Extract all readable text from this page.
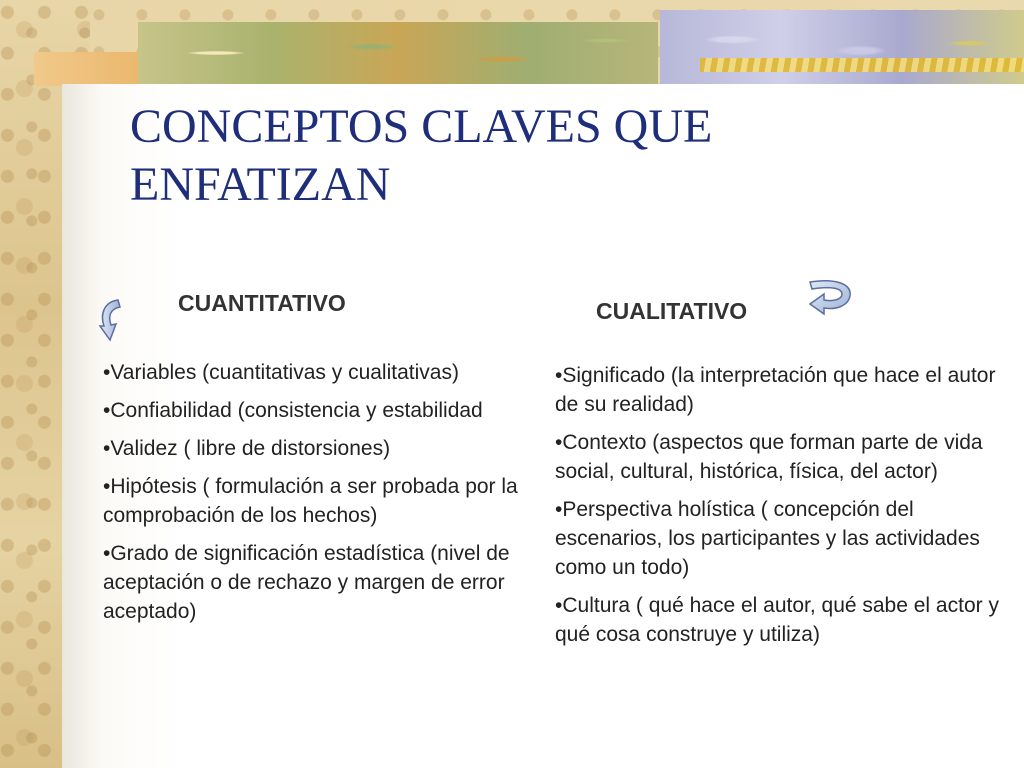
CONCEPTOS CLAVES QUE ENFATIZAN
CUANTITATIVO	CUALITATIVO
•Variables (cuantitativas y cualitativas)
•Confiabilidad (consistencia y estabilidad
•Validez ( libre de distorsiones)
•Hipótesis ( formulación a ser probada por la comprobación de los hechos)
•Grado de significación estadística (nivel de aceptación o de rechazo y margen de error aceptado)
•Significado (la interpretación que hace el autor de su realidad)
•Contexto (aspectos que forman parte de vida social, cultural, histórica, física, del actor)
•Perspectiva holística ( concepción del escenarios, los participantes y las actividades como un todo)
•Cultura ( qué hace el autor, qué sabe el actor y qué cosa construye y utiliza)
